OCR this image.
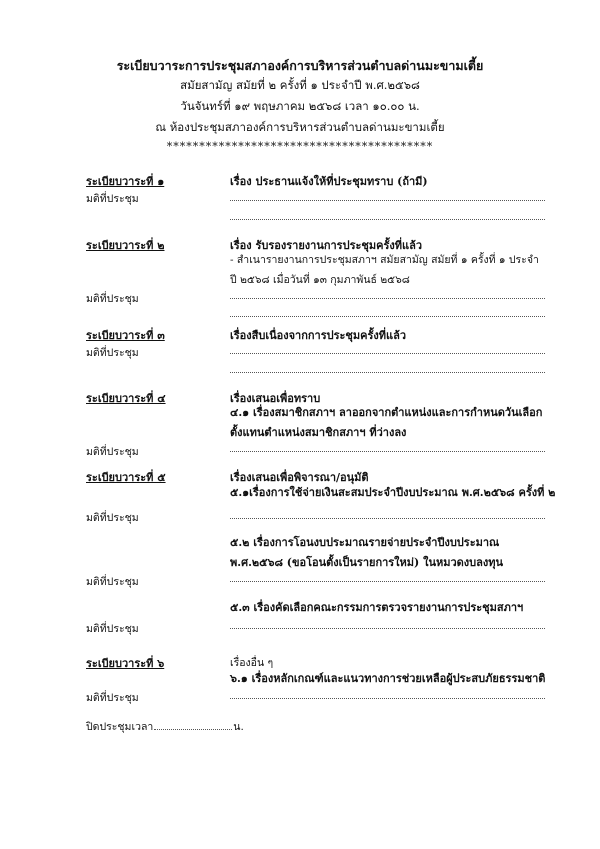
ระเบียบวาระการประชุมสภาองค์การบริหารส่วนตำบลด่านมะขามเตี้ย
สมัยสามัญ สมัยที่ ๒ ครั้งที่ ๑ ประจำปี พ.ศ.๒๕๖๘
วันจันทร์ที่ ๑๙ พฤษภาคม ๒๕๖๘ เวลา ๑๐.๐๐ น.
ณ ห้องประชุมสภาองค์การบริหารส่วนตำบลด่านมะขามเตี้ย
*****************************************
ระเบียบวาระที่ ๑	เรื่อง ประธานแจ้งให้ที่ประชุมทราบ (ถ้ามี)
มติที่ประชุม
ระเบียบวาระที่ ๒	เรื่อง รับรองรายงานการประชุมครั้งที่แล้ว
- สำเนารายงานการประชุมสภาฯ สมัยสามัญ สมัยที่ ๑ ครั้งที่ ๑ ประจำปี ๒๕๖๘ เมื่อวันที่ ๑๓ กุมภาพันธ์ ๒๕๖๘
มติที่ประชุม
ระเบียบวาระที่ ๓	เรื่องสืบเนื่องจากการประชุมครั้งที่แล้ว
มติที่ประชุม
ระเบียบวาระที่ ๔	เรื่องเสนอเพื่อทราบ
๔.๑ เรื่องสมาชิกสภาฯ ลาออกจากตำแหน่งและการกำหนดวันเลือกตั้งแทนตำแหน่งสมาชิกสภาฯ ที่ว่างลง
มติที่ประชุม
ระเบียบวาระที่ ๕	เรื่องเสนอเพื่อพิจารณา/อนุมัติ
๕.๑เรื่องการใช้จ่ายเงินสะสมประจำปีงบประมาณ พ.ศ.๒๕๖๘ ครั้งที่ ๒
มติที่ประชุม
๕.๒ เรื่องการโอนงบประมาณรายจ่ายประจำปีงบประมาณ พ.ศ.๒๕๖๘ (ขอโอนตั้งเป็นรายการใหม่) ในหมวดงบลงทุน
มติที่ประชุม
๕.๓ เรื่องคัดเลือกคณะกรรมการตรวจรายงานการประชุมสภาฯ
มติที่ประชุม
ระเบียบวาระที่ ๖	เรื่องอื่น ๆ
๖.๑ เรื่องหลักเกณฑ์และแนวทางการช่วยเหลือผู้ประสบภัยธรรมชาติ
มติที่ประชุม
ปิดประชุมเวลา	น.
